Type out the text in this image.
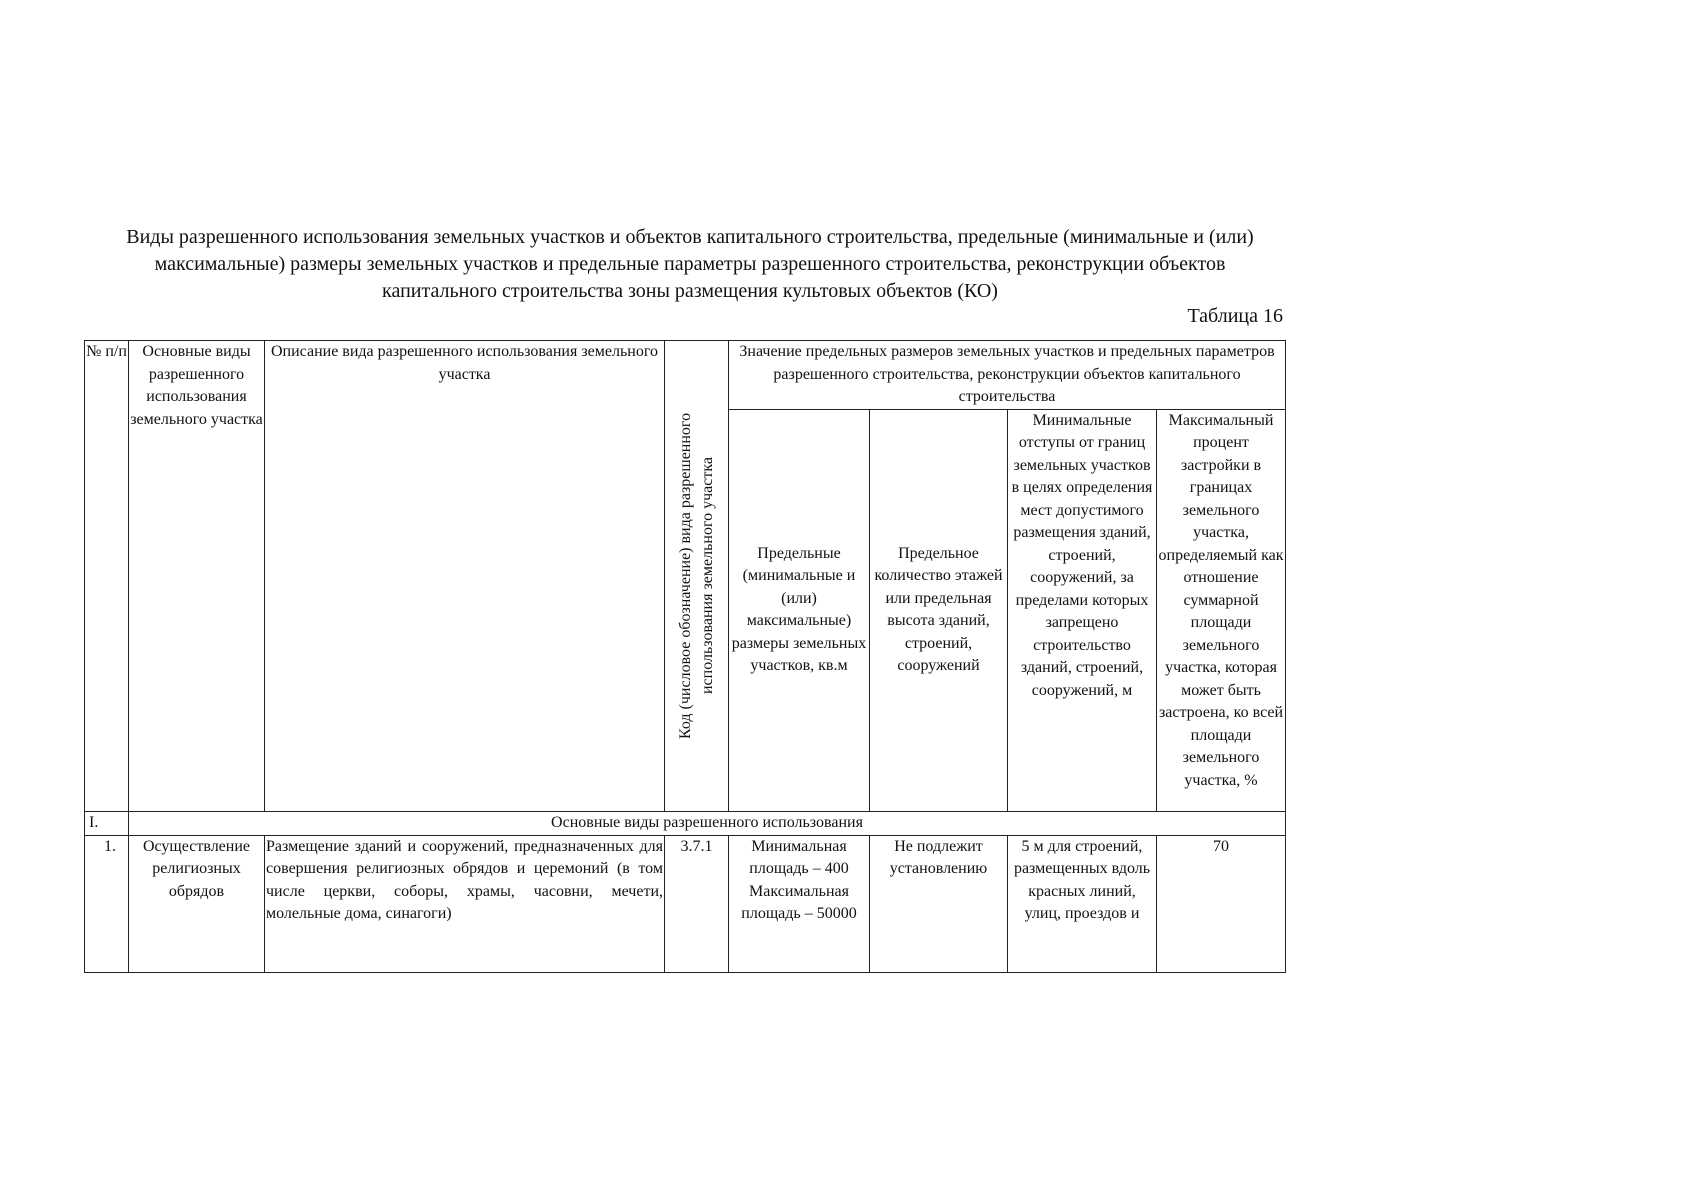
Виды разрешенного использования земельных участков и объектов капитального строительства, предельные (минимальные и (или) максимальные) размеры земельных участков и предельные параметры разрешенного строительства, реконструкции объектов капитального строительства зоны размещения культовых объектов (КО)
Таблица 16
№ п/п	Основные виды разрешенного использования земельного участка	Описание вида разрешенного использования земельного участка	Код (числовое обозначение) вида разрешенного использования земельного участка	Значение предельных размеров земельных участков и предельных параметров разрешенного строительства, реконструкции объектов капитального строительства			
				Предельные (минимальные и (или) максимальные) размеры земельных участков, кв.м	Предельное количество этажей или предельная высота зданий, строений, сооружений	Минимальные отступы от границ земельных участков в целях определения мест допустимого размещения зданий, строений, сооружений, за пределами которых запрещено строительство зданий, строений, сооружений, м	Максимальный процент застройки в границах земельного участка, определяемый как отношение суммарной площади земельного участка, которая может быть застроена, ко всей площади земельного участка, %
I.	Основные виды разрешенного использования						
1.	Осуществление религиозных обрядов	Размещение зданий и сооружений, предназначенных для совершения религиозных обрядов и церемоний (в том числе церкви, соборы, храмы, часовни, мечети, молельные дома, синагоги)	3.7.1	Минимальная площадь – 400 Максимальная площадь – 50000	Не подлежит установлению	5 м для строений, размещенных вдоль красных линий, улиц, проездов и	70
